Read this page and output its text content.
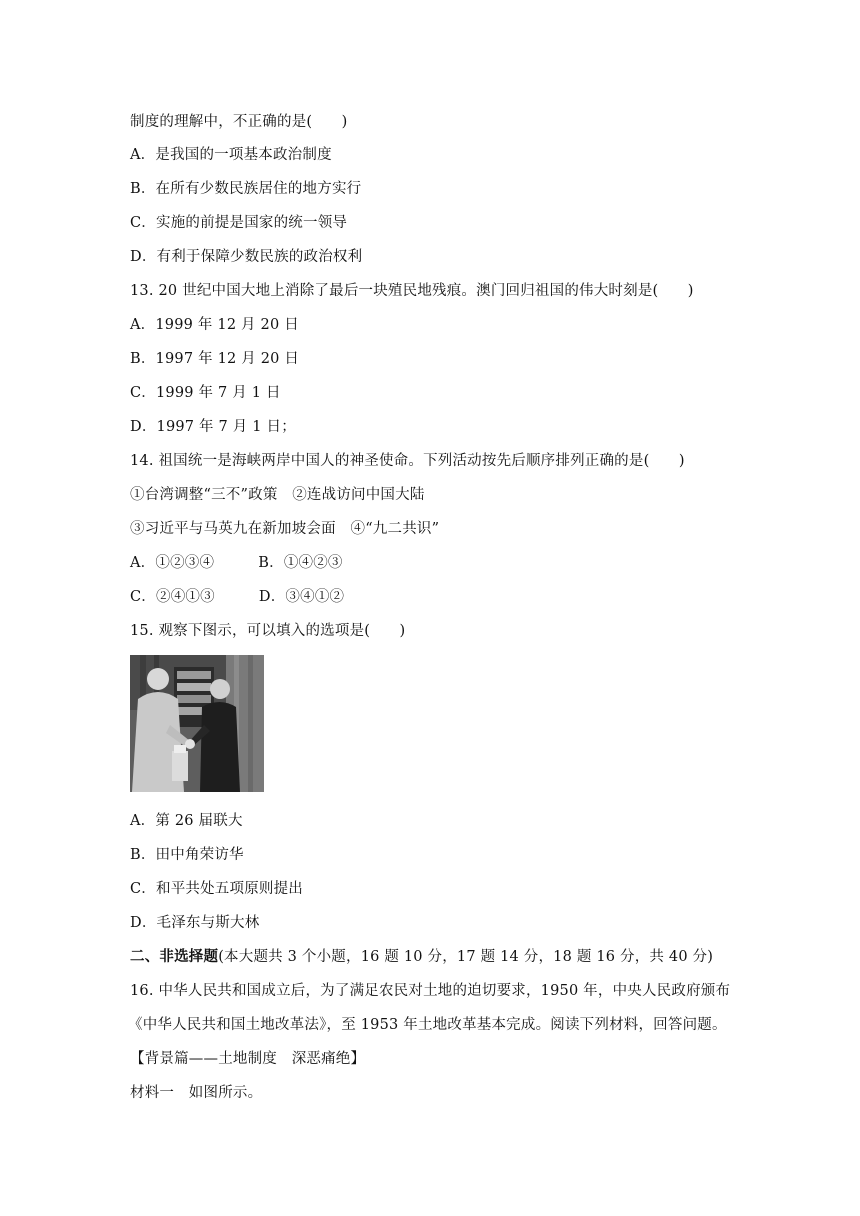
制度的理解中，不正确的是(　　)
A．是我国的一项基本政治制度
B．在所有少数民族居住的地方实行
C．实施的前提是国家的统一领导
D．有利于保障少数民族的政治权利
13. 20 世纪中国大地上消除了最后一块殖民地残痕。澳门回归祖国的伟大时刻是(　　)
A．1999 年 12 月 20 日
B．1997 年 12 月 20 日
C．1999 年 7 月 1 日
D．1997 年 7 月 1 日；
14. 祖国统一是海峡两岸中国人的神圣使命。下列活动按先后顺序排列正确的是(　　)
①台湾调整“三不”政策　②连战访问中国大陆
③习近平与马英九在新加坡会面　④“九二共识”
A．①②③④　　　B．①④②③
C．②④①③　　　D．③④①②
15. 观察下图示，可以填入的选项是(　　)
A．第 26 届联大
B．田中角荣访华
C．和平共处五项原则提出
D．毛泽东与斯大林
二、非选择题(本大题共 3 个小题，16 题 10 分，17 题 14 分，18 题 16 分，共 40 分)
16. 中华人民共和国成立后，为了满足农民对土地的迫切要求，1950 年，中央人民政府颁布
《中华人民共和国土地改革法》，至 1953 年土地改革基本完成。阅读下列材料，回答问题。
【背景篇——土地制度　深恶痛绝】
材料一　如图所示。
